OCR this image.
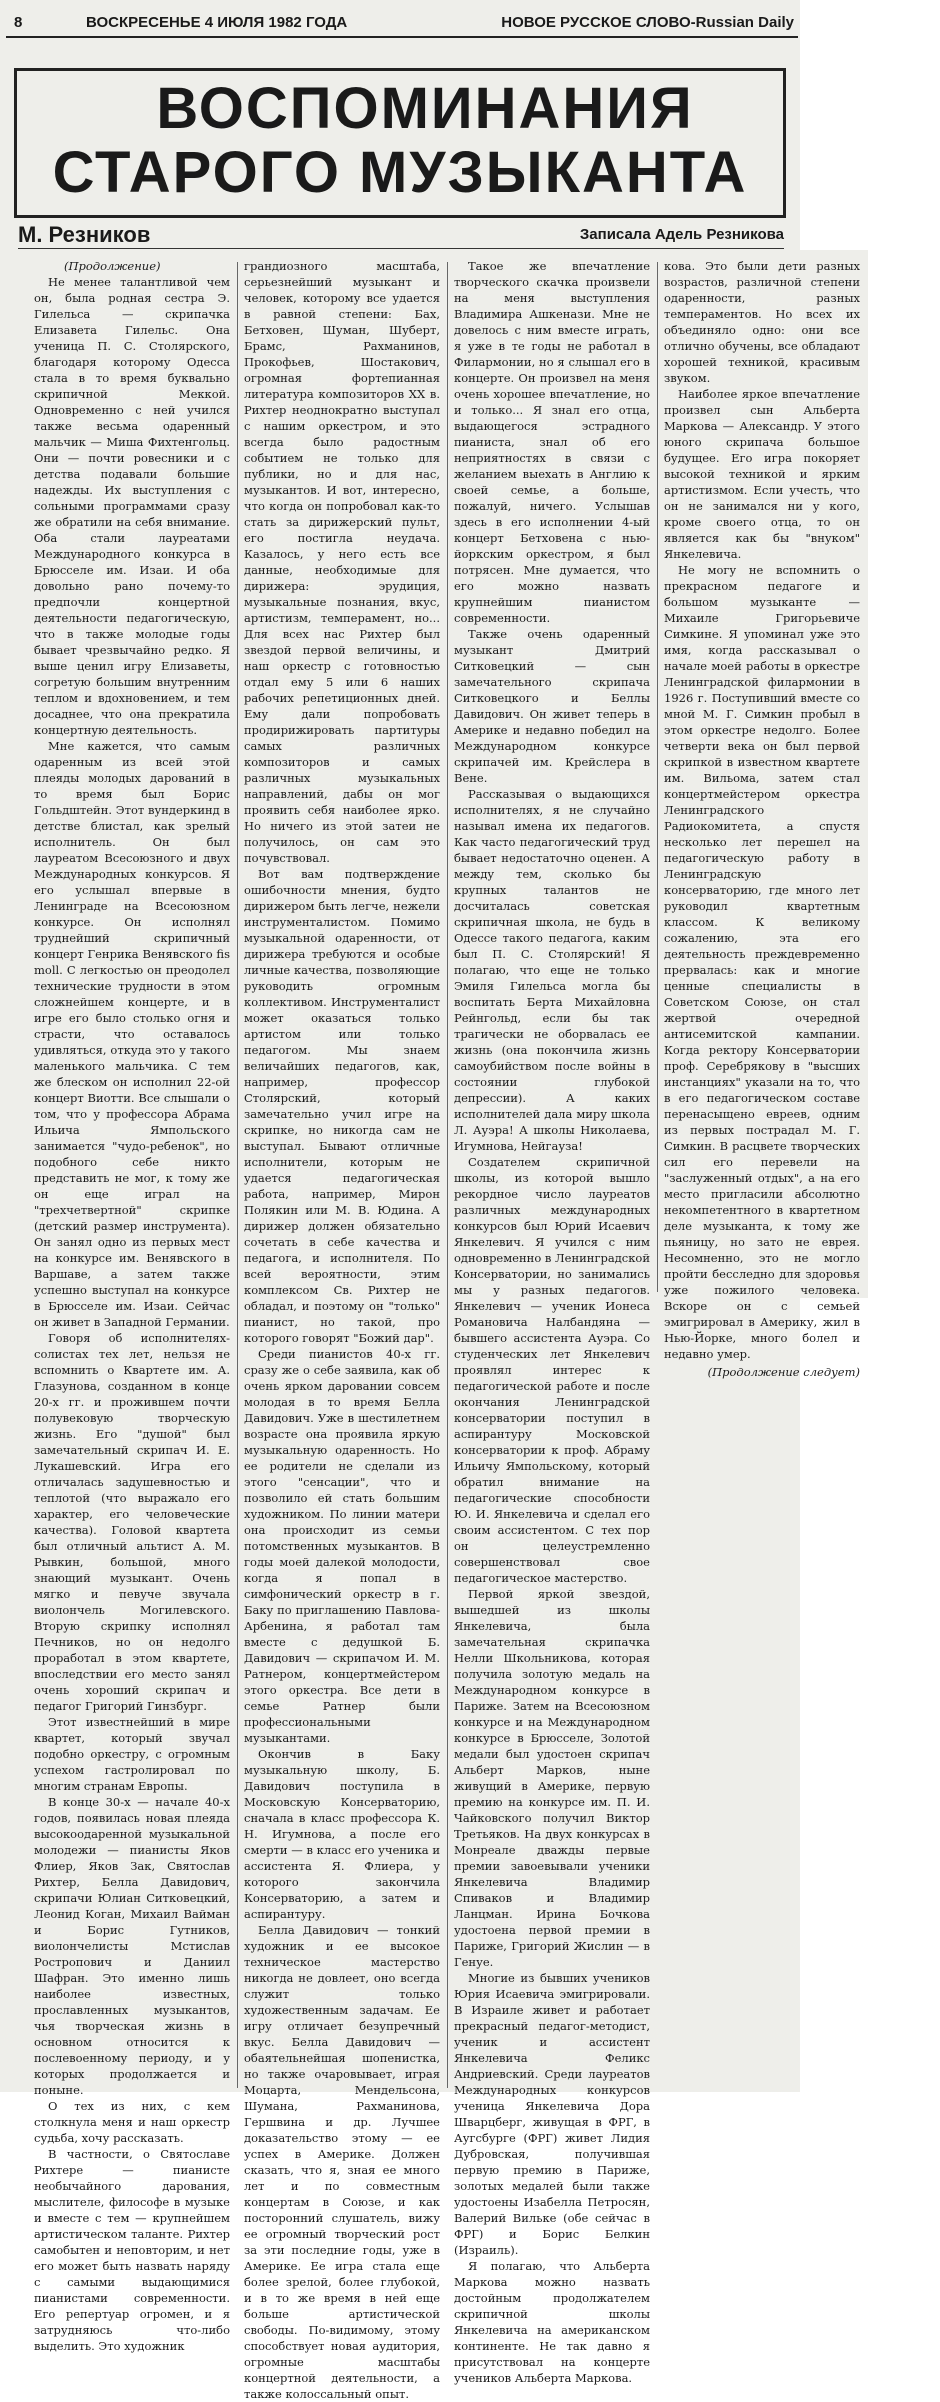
8	ВОСКРЕСЕНЬЕ 4 ИЮЛЯ 1982 ГОДА	НОВОЕ РУССКОЕ СЛОВО-Russian Daily
ВОСПОМИНАНИЯ
СТАРОГО МУЗЫКАНТА
М. Резников	Записала Адель Резникова

(Продолжение)

Не менее талантливой чем он, была родная сестра Э. Гилельса — скрипачка Елизавета Гилельс. Она ученица П. С. Столярского, благодаря которому Одесса стала в то время буквально скрипичной Меккой. Одновременно с ней учился также весьма одаренный мальчик — Миша Фихтенгольц. Они — почти ровесники и с детства подавали большие надежды. Их выступления с сольными программами сразу же обратили на себя внимание. Оба стали лауреатами Международного конкурса в Брюсселе им. Изаи. И оба довольно рано почему-то предпочли концертной деятельности педагогическую, что в также молодые годы бывает чрезвычайно редко. Я выше ценил игру Елизаветы, согретую большим внутренним теплом и вдохновением, и тем досаднее, что она прекратила концертную деятельность.

Мне кажется, что самым одаренным из всей этой плеяды молодых дарований в то время был Борис Гольдштейн. Этот вундеркинд в детстве блистал, как зрелый исполнитель. Он был лауреатом Всесоюзного и двух Международных конкурсов. Я его услышал впервые в Ленинграде на Всесоюзном конкурсе. Он исполнял труднейший скрипичный концерт Генрика Венявского fis moll. С легкостью он преодолел технические трудности в этом сложнейшем концерте, и в игре его было столько огня и страсти, что оставалось удивляться, откуда это у такого маленького мальчика. С тем же блеском он исполнил 22-ой концерт Виотти. Все слышали о том, что у профессора Абрама Ильича Ямпольского занимается "чудо-ребенок", но подобного себе никто представить не мог, к тому же он еще играл на "трехчетвертной" скрипке (детский размер инструмента). Он занял одно из первых мест на конкурсе им. Венявского в Варшаве, а затем также успешно выступал на конкурсе в Брюсселе им. Изаи. Сейчас он живет в Западной Германии.

Говоря об исполнителях-солистах тех лет, нельзя не вспомнить о Квартете им. А. Глазунова, созданном в конце 20-х гг. и прожившем почти полувековую творческую жизнь. Его "душой" был замечательный скрипач И. Е. Лукашевский. Игра его отличалась задушевностью и теплотой (что выражало его характер, его человеческие качества). Головой квартета был отличный альтист А. М. Рывкин, большой, много знающий музыкант. Очень мягко и певуче звучала виолончель Могилевского. Вторую скрипку исполнял Печников, но он недолго проработал в этом квартете, впоследствии его место занял очень хороший скрипач и педагог Григорий Гинзбург.

Этот известнейший в мире квартет, который звучал подобно оркестру, с огромным успехом гастролировал по многим странам Европы.

В конце 30-х — начале 40-х годов, появилась новая плеяда высокоодаренной музыкальной молодежи — пианисты Яков Флиер, Яков Зак, Святослав Рихтер, Белла Давидович, скрипачи Юлиан Ситковецкий, Леонид Коган, Михаил Вайман и Борис Гутников, виолончелисты Мстислав Ростропович и Даниил Шафран. Это именно лишь наиболее известных, прославленных музыкантов, чья творческая жизнь в основном относится к послевоенному периоду, и у которых продолжается и поныне.

О тех из них, с кем столкнула меня и наш оркестр судьба, хочу рассказать.

В частности, о Святославе Рихтере — пианисте необычайного дарования, мыслителе, философе в музыке и вместе с тем — крупнейшем артистическом таланте. Рихтер самобытен и неповторим, и нет его может быть назвать наряду с самыми выдающимися пианистами современности. Его репертуар огромен, и я затрудняюсь что-либо выделить. Это художник

грандиозного масштаба, серьезнейший музыкант и человек, которому все удается в равной степени: Бах, Бетховен, Шуман, Шуберт, Брамс, Рахманинов, Прокофьев, Шостакович, огромная фортепианная литература композиторов XX в. Рихтер неоднократно выступал с нашим оркестром, и это всегда было радостным событием не только для публики, но и для нас, музыкантов. И вот, интересно, что когда он попробовал как-то стать за дирижерский пульт, его постигла неудача. Казалось, у него есть все данные, необходимые для дирижера: эрудиция, музыкальные познания, вкус, артистизм, темперамент, но... Для всех нас Рихтер был звездой первой величины, и наш оркестр с готовностью отдал ему 5 или 6 наших рабочих репетиционных дней. Ему дали попробовать продирижировать партитуры самых различных композиторов и самых различных музыкальных направлений, дабы он мог проявить себя наиболее ярко. Но ничего из этой затеи не получилось, он сам это почувствовал.

Вот вам подтверждение ошибочности мнения, будто дирижером быть легче, нежели инструменталистом. Помимо музыкальной одаренности, от дирижера требуются и особые личные качества, позволяющие руководить огромным коллективом. Инструменталист может оказаться только артистом или только педагогом. Мы знаем величайших педагогов, как, например, профессор Столярский, который замечательно учил игре на скрипке, но никогда сам не выступал. Бывают отличные исполнители, которым не удается педагогическая работа, например, Мирон Полякин или М. В. Юдина. А дирижер должен обязательно сочетать в себе качества и педагога, и исполнителя. По всей вероятности, этим комплексом Св. Рихтер не обладал, и поэтому он "только" пианист, но такой, про которого говорят "Божий дар".

Среди пианистов 40-х гг. сразу же о себе заявила, как об очень ярком даровании совсем молодая в то время Белла Давидович. Уже в шестилетнем возрасте она проявила яркую музыкальную одаренность. Но ее родители не сделали из этого "сенсации", что и позволило ей стать большим художником. По линии матери она происходит из семьи потомственных музыкантов. В годы моей далекой молодости, когда я попал в симфонический оркестр в г. Баку по приглашению Павлова-Арбенина, я работал там вместе с дедушкой Б. Давидович — скрипачом И. М. Ратнером, концертмейстером этого оркестра. Все дети в семье Ратнер были профессиональными музыкантами.

Окончив в Баку музыкальную школу, Б. Давидович поступила в Московскую Консерваторию, сначала в класс профессора К. Н. Игумнова, а после его смерти — в класс его ученика и ассистента Я. Флиера, у которого закончила Консерваторию, а затем и аспирантуру.

Белла Давидович — тонкий художник и ее высокое техническое мастерство никогда не довлеет, оно всегда служит только художественным задачам. Ее игру отличает безупречный вкус. Белла Давидович — обаятельнейшая шопенистка, но также очаровывает, играя Моцарта, Мендельсона, Шумана, Рахманинова, Гершвина и др. Лучшее доказательство этому — ее успех в Америке. Должен сказать, что я, зная ее много лет и по совместным концертам в Союзе, и как посторонний слушатель, вижу ее огромный творческий рост за эти последние годы, уже в Америке. Ее игра стала еще более зрелой, более глубокой, и в то же время в ней еще больше артистической свободы. По-видимому, этому способствует новая аудитория, огромные масштабы концертной деятельности, а также колоссальный опыт.

Такое же впечатление творческого скачка произвели на меня выступления Владимира Ашкенази. Мне не довелось с ним вместе играть, я уже в те годы не работал в Филармонии, но я слышал его в концерте. Он произвел на меня очень хорошее впечатление, но и только... Я знал его отца, выдающегося эстрадного пианиста, знал об его неприятностях в связи с желанием выехать в Англию к своей семье, а больше, пожалуй, ничего. Услышав здесь в его исполнении 4-ый концерт Бетховена с нью-йоркским оркестром, я был потрясен. Мне думается, что его можно назвать крупнейшим пианистом современности.

Также очень одаренный музыкант Дмитрий Ситковецкий — сын замечательного скрипача Ситковецкого и Беллы Давидович. Он живет теперь в Америке и недавно победил на Международном конкурсе скрипачей им. Крейслера в Вене.

Рассказывая о выдающихся исполнителях, я не случайно называл имена их педагогов. Как часто педагогический труд бывает недостаточно оценен. А между тем, сколько бы крупных талантов не досчиталась советская скрипичная школа, не будь в Одессе такого педагога, каким был П. С. Столярский! Я полагаю, что еще не только Эмиля Гилельса могла бы воспитать Берта Михайловна Рейнгольд, если бы так трагически не оборвалась ее жизнь (она покончила жизнь самоубийством после войны в состоянии глубокой депрессии). А каких исполнителей дала миру школа Л. Ауэра! А школы Николаева, Игумнова, Нейгауза!

Создателем скрипичной школы, из которой вышло рекордное число лауреатов различных международных конкурсов был Юрий Исаевич Янкелевич. Я учился с ним одновременно в Ленинградской Консерватории, но занимались мы у разных педагогов. Янкелевич — ученик Ионеса Романовича Налбандяна — бывшего ассистента Ауэра. Со студенческих лет Янкелевич проявлял интерес к педагогической работе и после окончания Ленинградской консерватории поступил в аспирантуру Московской консерватории к проф. Абраму Ильичу Ямпольскому, который обратил внимание на педагогические способности Ю. И. Янкелевича и сделал его своим ассистентом. С тех пор он целеустремленно совершенствовал свое педагогическое мастерство.

Первой яркой звездой, вышедшей из школы Янкелевича, была замечательная скрипачка Нелли Школьникова, которая получила золотую медаль на Международном конкурсе в Париже. Затем на Всесоюзном конкурсе и на Международном конкурсе в Брюсселе, Золотой медали был удостоен скрипач Альберт Марков, ныне живущий в Америке, первую премию на конкурсе им. П. И. Чайковского получил Виктор Третьяков. На двух конкурсах в Монреале дважды первые премии завоевывали ученики Янкелевича Владимир Спиваков и Владимир Ланцман. Ирина Бочкова удостоена первой премии в Париже, Григорий Жислин — в Генуе.

Многие из бывших учеников Юрия Исаевича эмигрировали. В Израиле живет и работает прекрасный педагог-методист, ученик и ассистент Янкелевича Феликс Андриевский. Среди лауреатов Международных конкурсов ученица Янкелевича Дора Шварцберг, живущая в ФРГ, в Аугсбурге (ФРГ) живет Лидия Дубровская, получившая первую премию в Париже, золотых медалей были также удостоены Изабелла Петросян, Валерий Вильке (обе сейчас в ФРГ) и Борис Белкин (Израиль).

Я полагаю, что Альберта Маркова можно назвать достойным продолжателем скрипичной школы Янкелевича на американском континенте. Не так давно я присутствовал на концерте учеников Альберта Маркова.

кова. Это были дети разных возрастов, различной степени одаренности, разных темпераментов. Но всех их объединяло одно: они все отлично обучены, все обладают хорошей техникой, красивым звуком.

Наиболее яркое впечатление произвел сын Альберта Маркова — Александр. У этого юного скрипача большое будущее. Его игра покоряет высокой техникой и ярким артистизмом. Если учесть, что он не занимался ни у кого, кроме своего отца, то он является как бы "внуком" Янкелевича.

Не могу не вспомнить о прекрасном педагоге и большом музыканте — Михаиле Григорьевиче Симкине. Я упоминал уже это имя, когда рассказывал о начале моей работы в оркестре Ленинградской филармонии в 1926 г. Поступивший вместе со мной М. Г. Симкин пробыл в этом оркестре недолго. Более четверти века он был первой скрипкой в известном квартете им. Вильома, затем стал концертмейстером оркестра Ленинградского Радиокомитета, а спустя несколько лет перешел на педагогическую работу в Ленинградскую консерваторию, где много лет руководил квартетным классом. К великому сожалению, эта его деятельность преждевременно прервалась: как и многие ценные специалисты в Советском Союзе, он стал жертвой очередной антисемитской кампании. Когда ректору Консерватории проф. Серебрякову в "высших инстанциях" указали на то, что в его педагогическом составе перенасыщено евреев, одним из первых пострадал М. Г. Симкин. В расцвете творческих сил его перевели на "заслуженный отдых", а на его место пригласили абсолютно некомпетентного в квартетном деле музыканта, к тому же пьяницу, но зато не еврея. Несомненно, это не могло пройти бесследно для здоровья уже пожилого человека. Вскоре он с семьей эмигрировал в Америку, жил в Нью-Йорке, много болел и недавно умер.

(Продолжение следует)
